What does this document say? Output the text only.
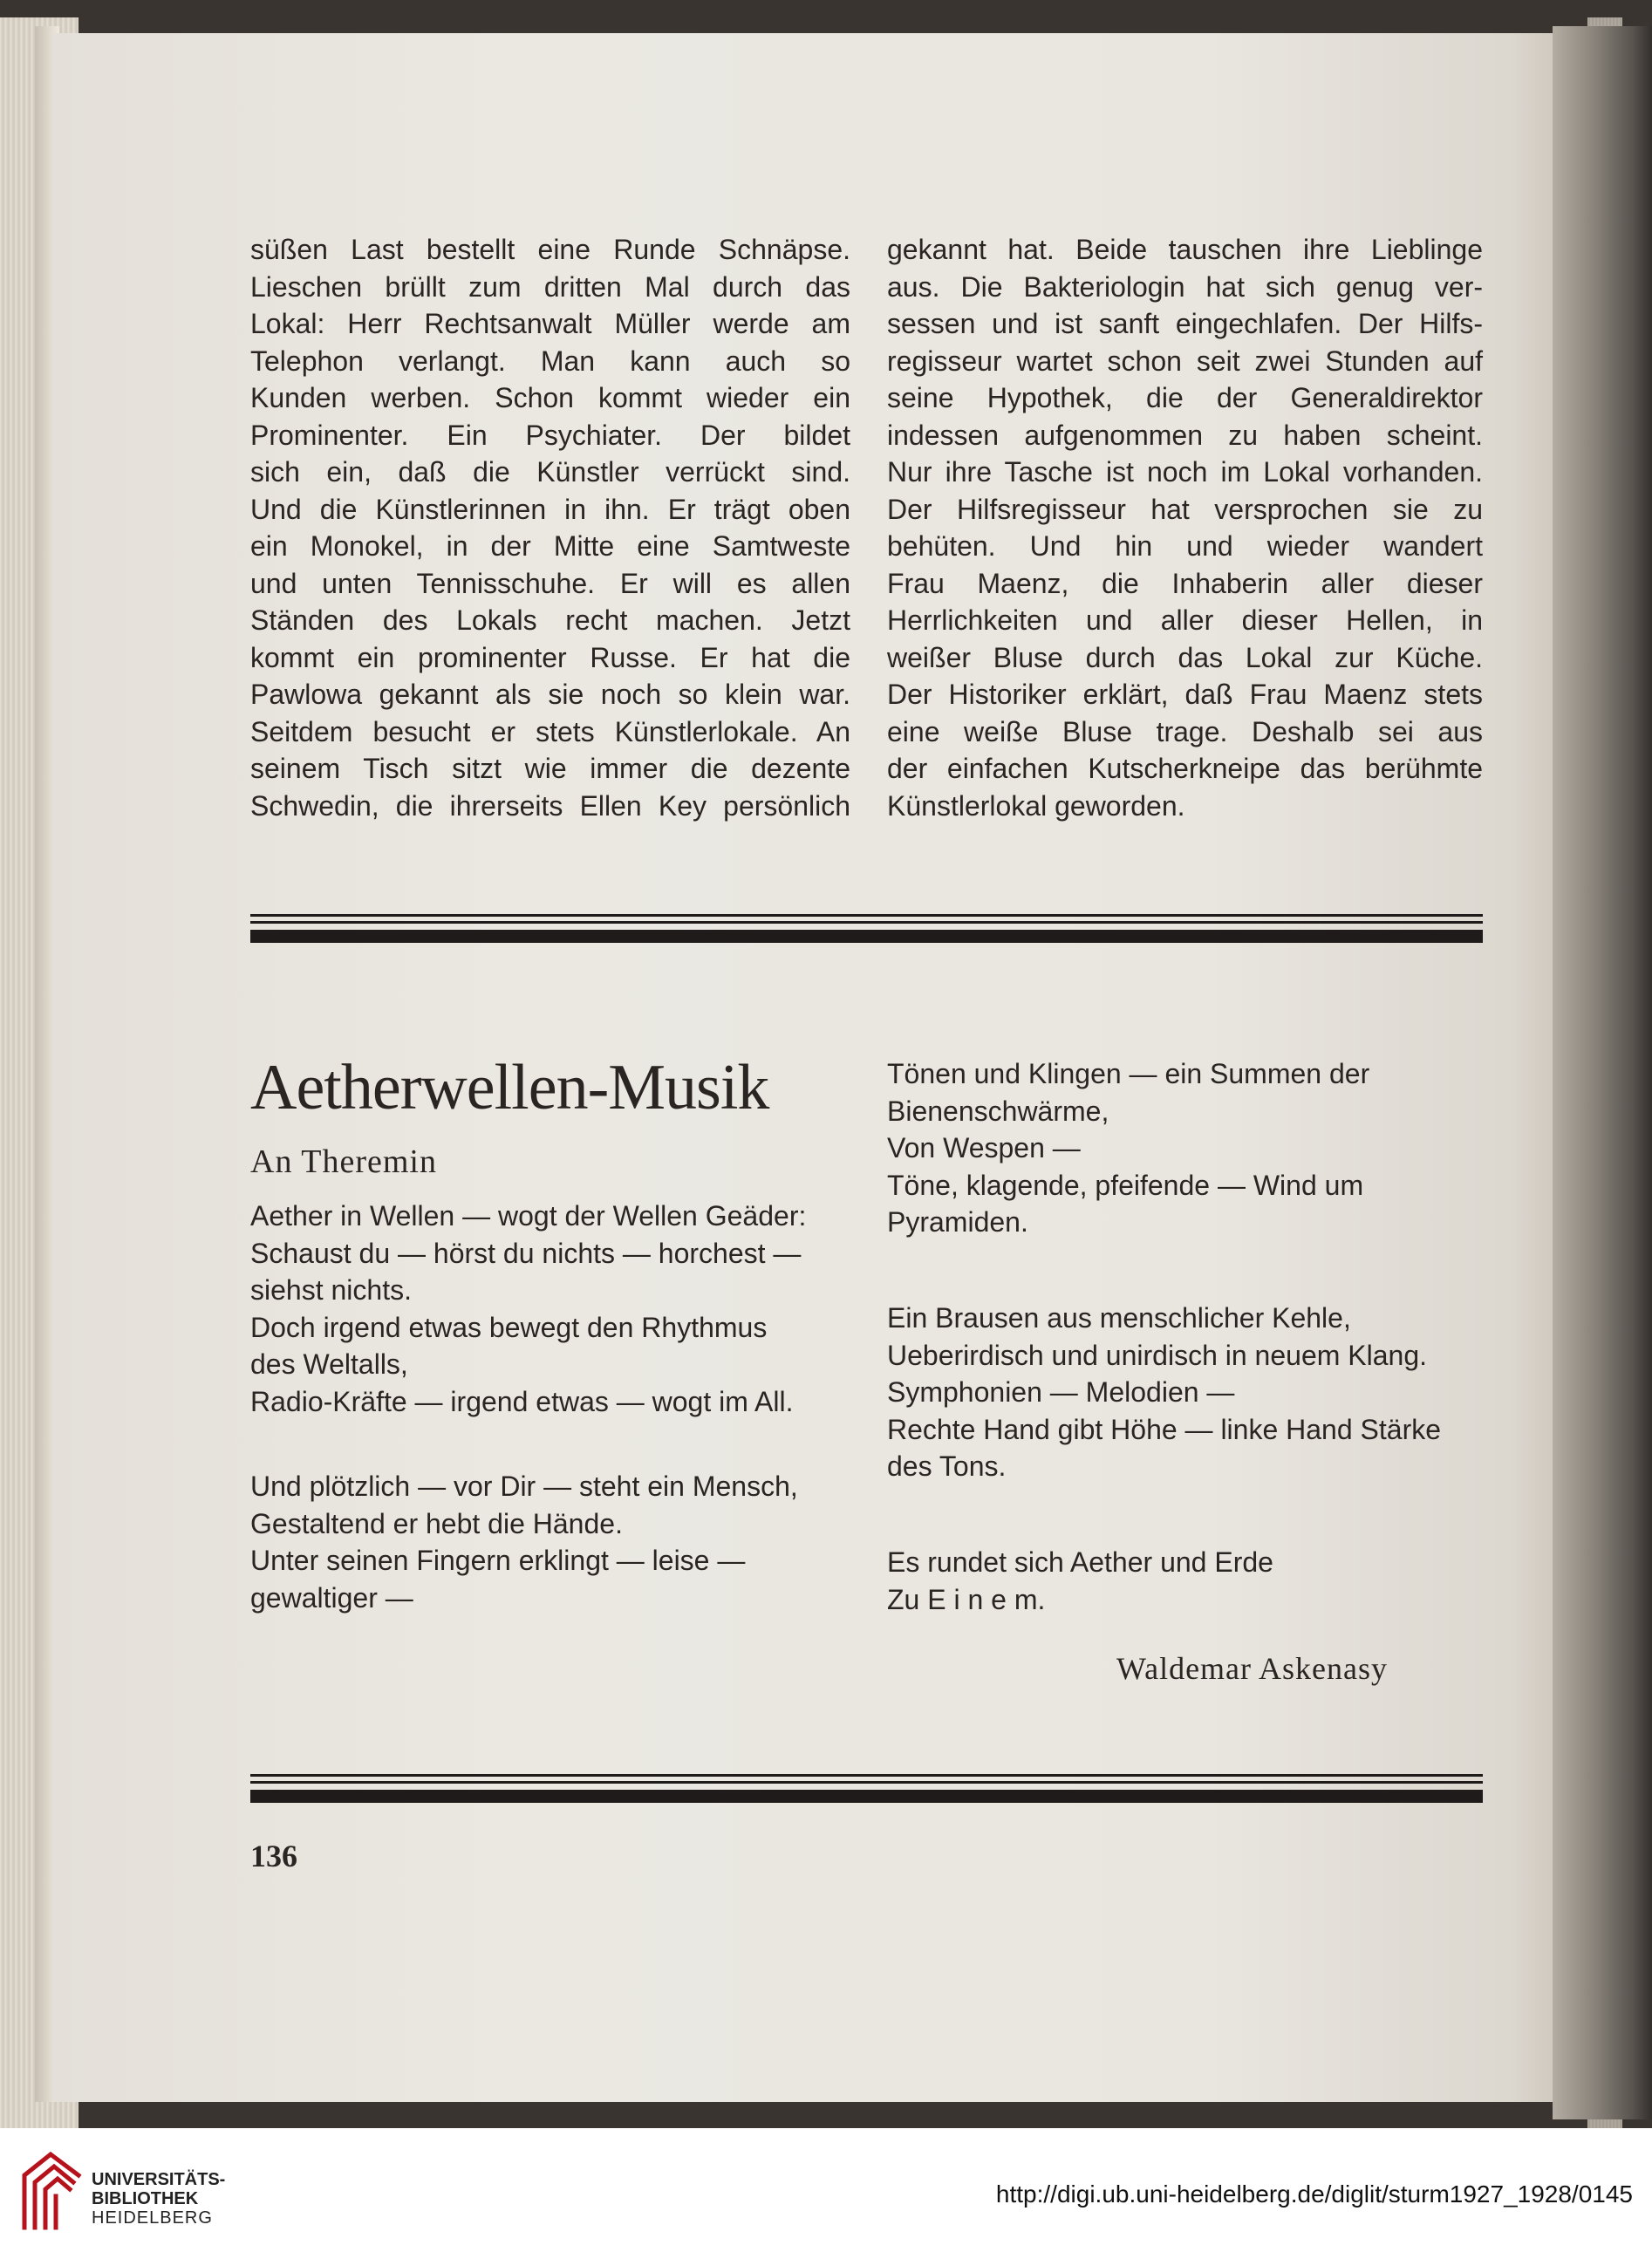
süßen Last bestellt eine Runde Schnäpse.
Lieschen brüllt zum dritten Mal durch das
Lokal: Herr Rechtsanwalt Müller werde am
Telephon verlangt. Man kann auch so
Kunden werben. Schon kommt wieder ein
Prominenter. Ein Psychiater. Der bildet
sich ein, daß die Künstler verrückt sind.
Und die Künstlerinnen in ihn. Er trägt oben
ein Monokel, in der Mitte eine Samtweste
und unten Tennisschuhe. Er will es allen
Ständen des Lokals recht machen. Jetzt
kommt ein prominenter Russe. Er hat die
Pawlowa gekannt als sie noch so klein war.
Seitdem besucht er stets Künstlerlokale. An
seinem Tisch sitzt wie immer die dezente
Schwedin, die ihrerseits Ellen Key persönlich
gekannt hat. Beide tauschen ihre Lieblinge
aus. Die Bakteriologin hat sich genug ver-
sessen und ist sanft eingechlafen. Der Hilfs-
regisseur wartet schon seit zwei Stunden auf
seine Hypothek, die der Generaldirektor
indessen aufgenommen zu haben scheint.
Nur ihre Tasche ist noch im Lokal vorhanden.
Der Hilfsregisseur hat versprochen sie zu
behüten. Und hin und wieder wandert
Frau Maenz, die Inhaberin aller dieser
Herrlichkeiten und aller dieser Hellen, in
weißer Bluse durch das Lokal zur Küche.
Der Historiker erklärt, daß Frau Maenz stets
eine weiße Bluse trage. Deshalb sei aus
der einfachen Kutscherkneipe das berühmte
Künstlerlokal geworden.
Aetherwellen-Musik
An Theremin
Aether in Wellen — wogt der Wellen Geäder:
Schaust du — hörst du nichts — horchest —
siehst nichts.
Doch irgend etwas bewegt den Rhythmus
des Weltalls,
Radio-Kräfte — irgend etwas — wogt im All.
Und plötzlich — vor Dir — steht ein Mensch,
Gestaltend er hebt die Hände.
Unter seinen Fingern erklingt — leise —
gewaltiger —
Tönen und Klingen — ein Summen der
Bienenschwärme,
Von Wespen —
Töne, klagende, pfeifende — Wind um
Pyramiden.
Ein Brausen aus menschlicher Kehle,
Ueberirdisch und unirdisch in neuem Klang.
Symphonien — Melodien —
Rechte Hand gibt Höhe — linke Hand Stärke
des Tons.
Es rundet sich Aether und Erde
Zu E i n e m.
Waldemar Askenasy
136
UNIVERSITÄTS-
BIBLIOTHEK
HEIDELBERG
http://digi.ub.uni-heidelberg.de/diglit/sturm1927_1928/0145
